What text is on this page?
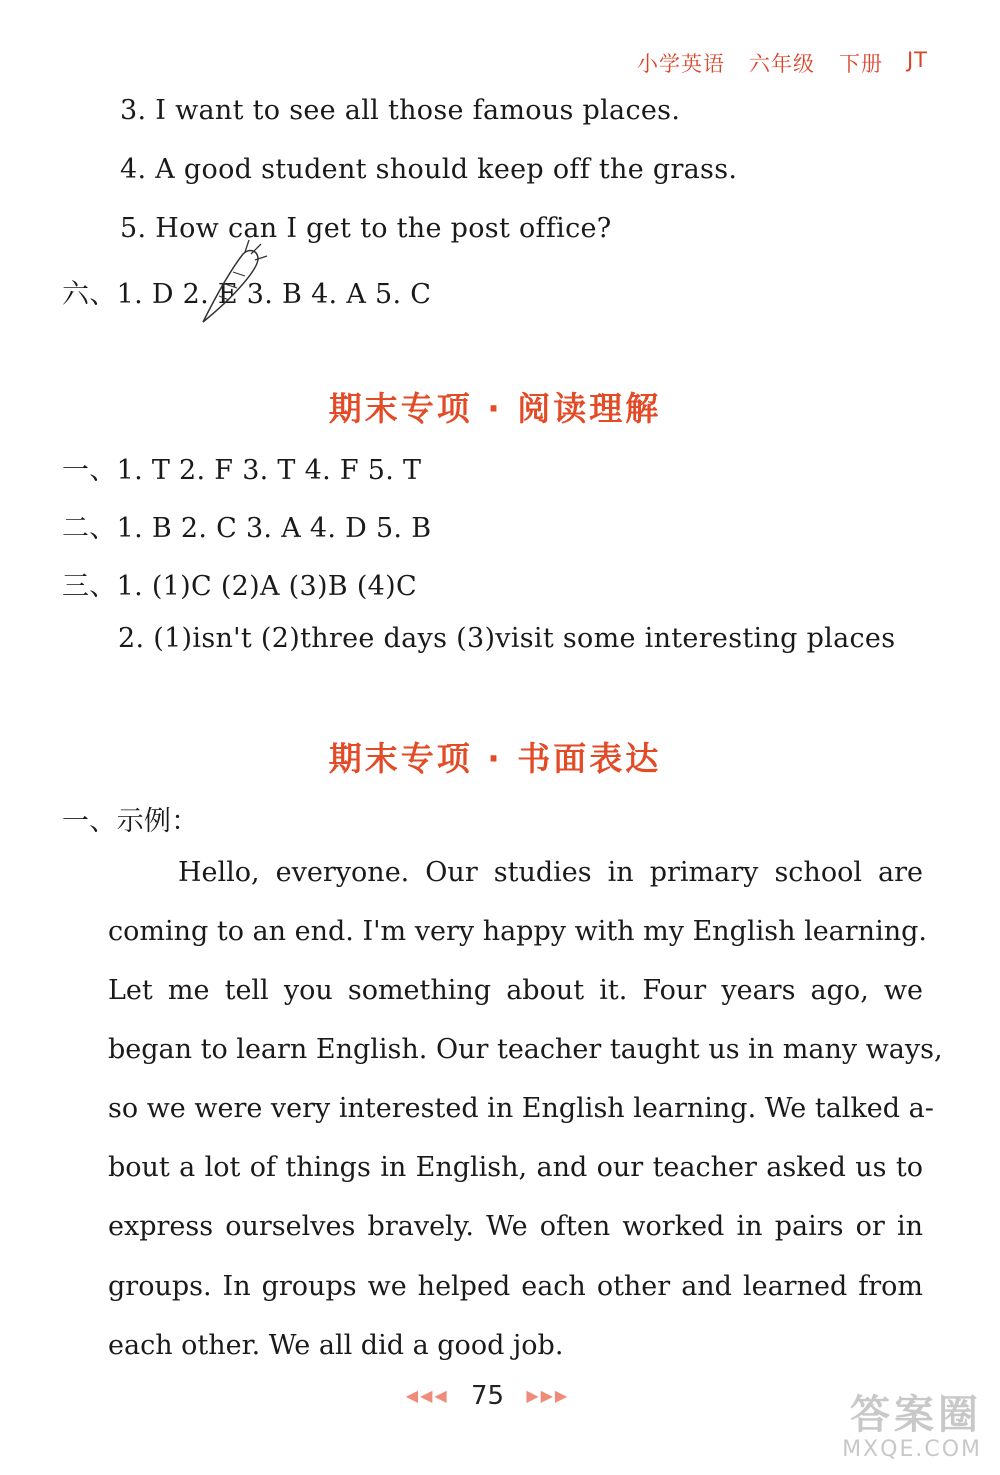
小学英语 六年级 下册 JT
3. I want to see all those famous places.
4. A good student should keep off the grass.
5. How can I get to the post office?
六、1. D 2. E 3. B 4. A 5. C
期末专项 · 阅读理解
一、1. T 2. F 3. T 4. F 5. T
二、1. B 2. C 3. A 4. D 5. B
三、1. (1)C (2)A (3)B (4)C
2. (1)isn't (2)three days (3)visit some interesting places
期末专项 · 书面表达
一、示例：
Hello, everyone. Our studies in primary school are
coming to an end. I'm very happy with my English learning.
Let me tell you something about it. Four years ago, we
began to learn English. Our teacher taught us in many ways,
so we were very interested in English learning. We talked a-
bout a lot of things in English, and our teacher asked us to
express ourselves bravely. We often worked in pairs or in
groups. In groups we helped each other and learned from
each other. We all did a good job.
◀◀◀ 75 ▶▶▶	答案圈
MXQE.COM
